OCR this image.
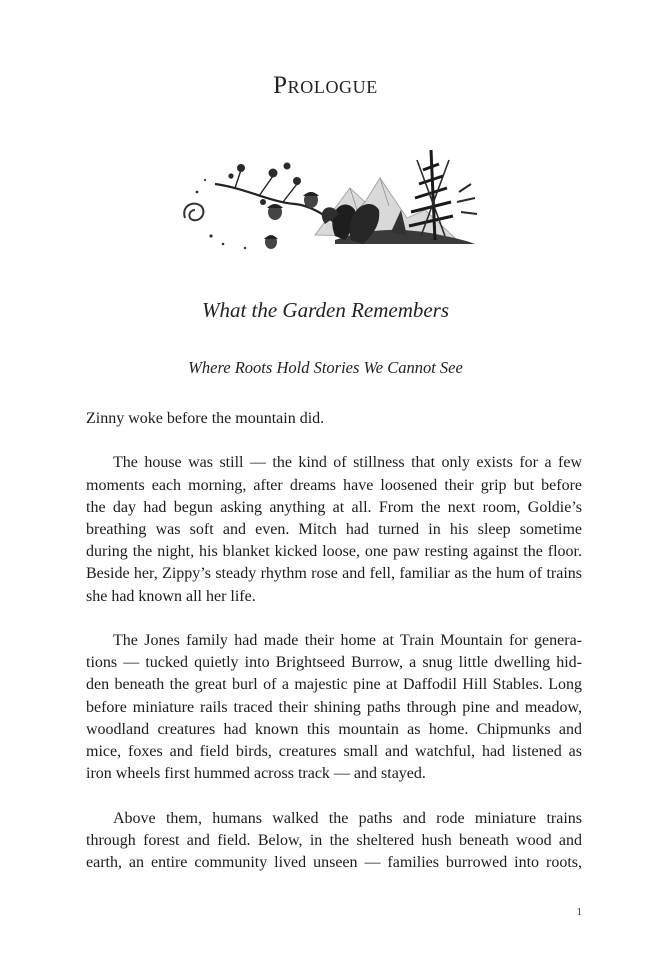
Prologue
What the Garden Remembers
Where Roots Hold Stories We Cannot See
Zinny woke before the mountain did.
The house was still — the kind of stillness that only exists for a few
moments each morning, after dreams have loosened their grip but before
the day had begun asking anything at all. From the next room, Goldie’s
breathing was soft and even. Mitch had turned in his sleep sometime
during the night, his blanket kicked loose, one paw resting against the floor.
Beside her, Zippy’s steady rhythm rose and fell, familiar as the hum of trains
she had known all her life.
The Jones family had made their home at Train Mountain for genera-
tions — tucked quietly into Brightseed Burrow, a snug little dwelling hid-
den beneath the great burl of a majestic pine at Daffodil Hill Stables. Long
before miniature rails traced their shining paths through pine and meadow,
woodland creatures had known this mountain as home. Chipmunks and
mice, foxes and field birds, creatures small and watchful, had listened as
iron wheels first hummed across track — and stayed.
Above them, humans walked the paths and rode miniature trains
through forest and field. Below, in the sheltered hush beneath wood and
earth, an entire community lived unseen — families burrowed into roots,
1
